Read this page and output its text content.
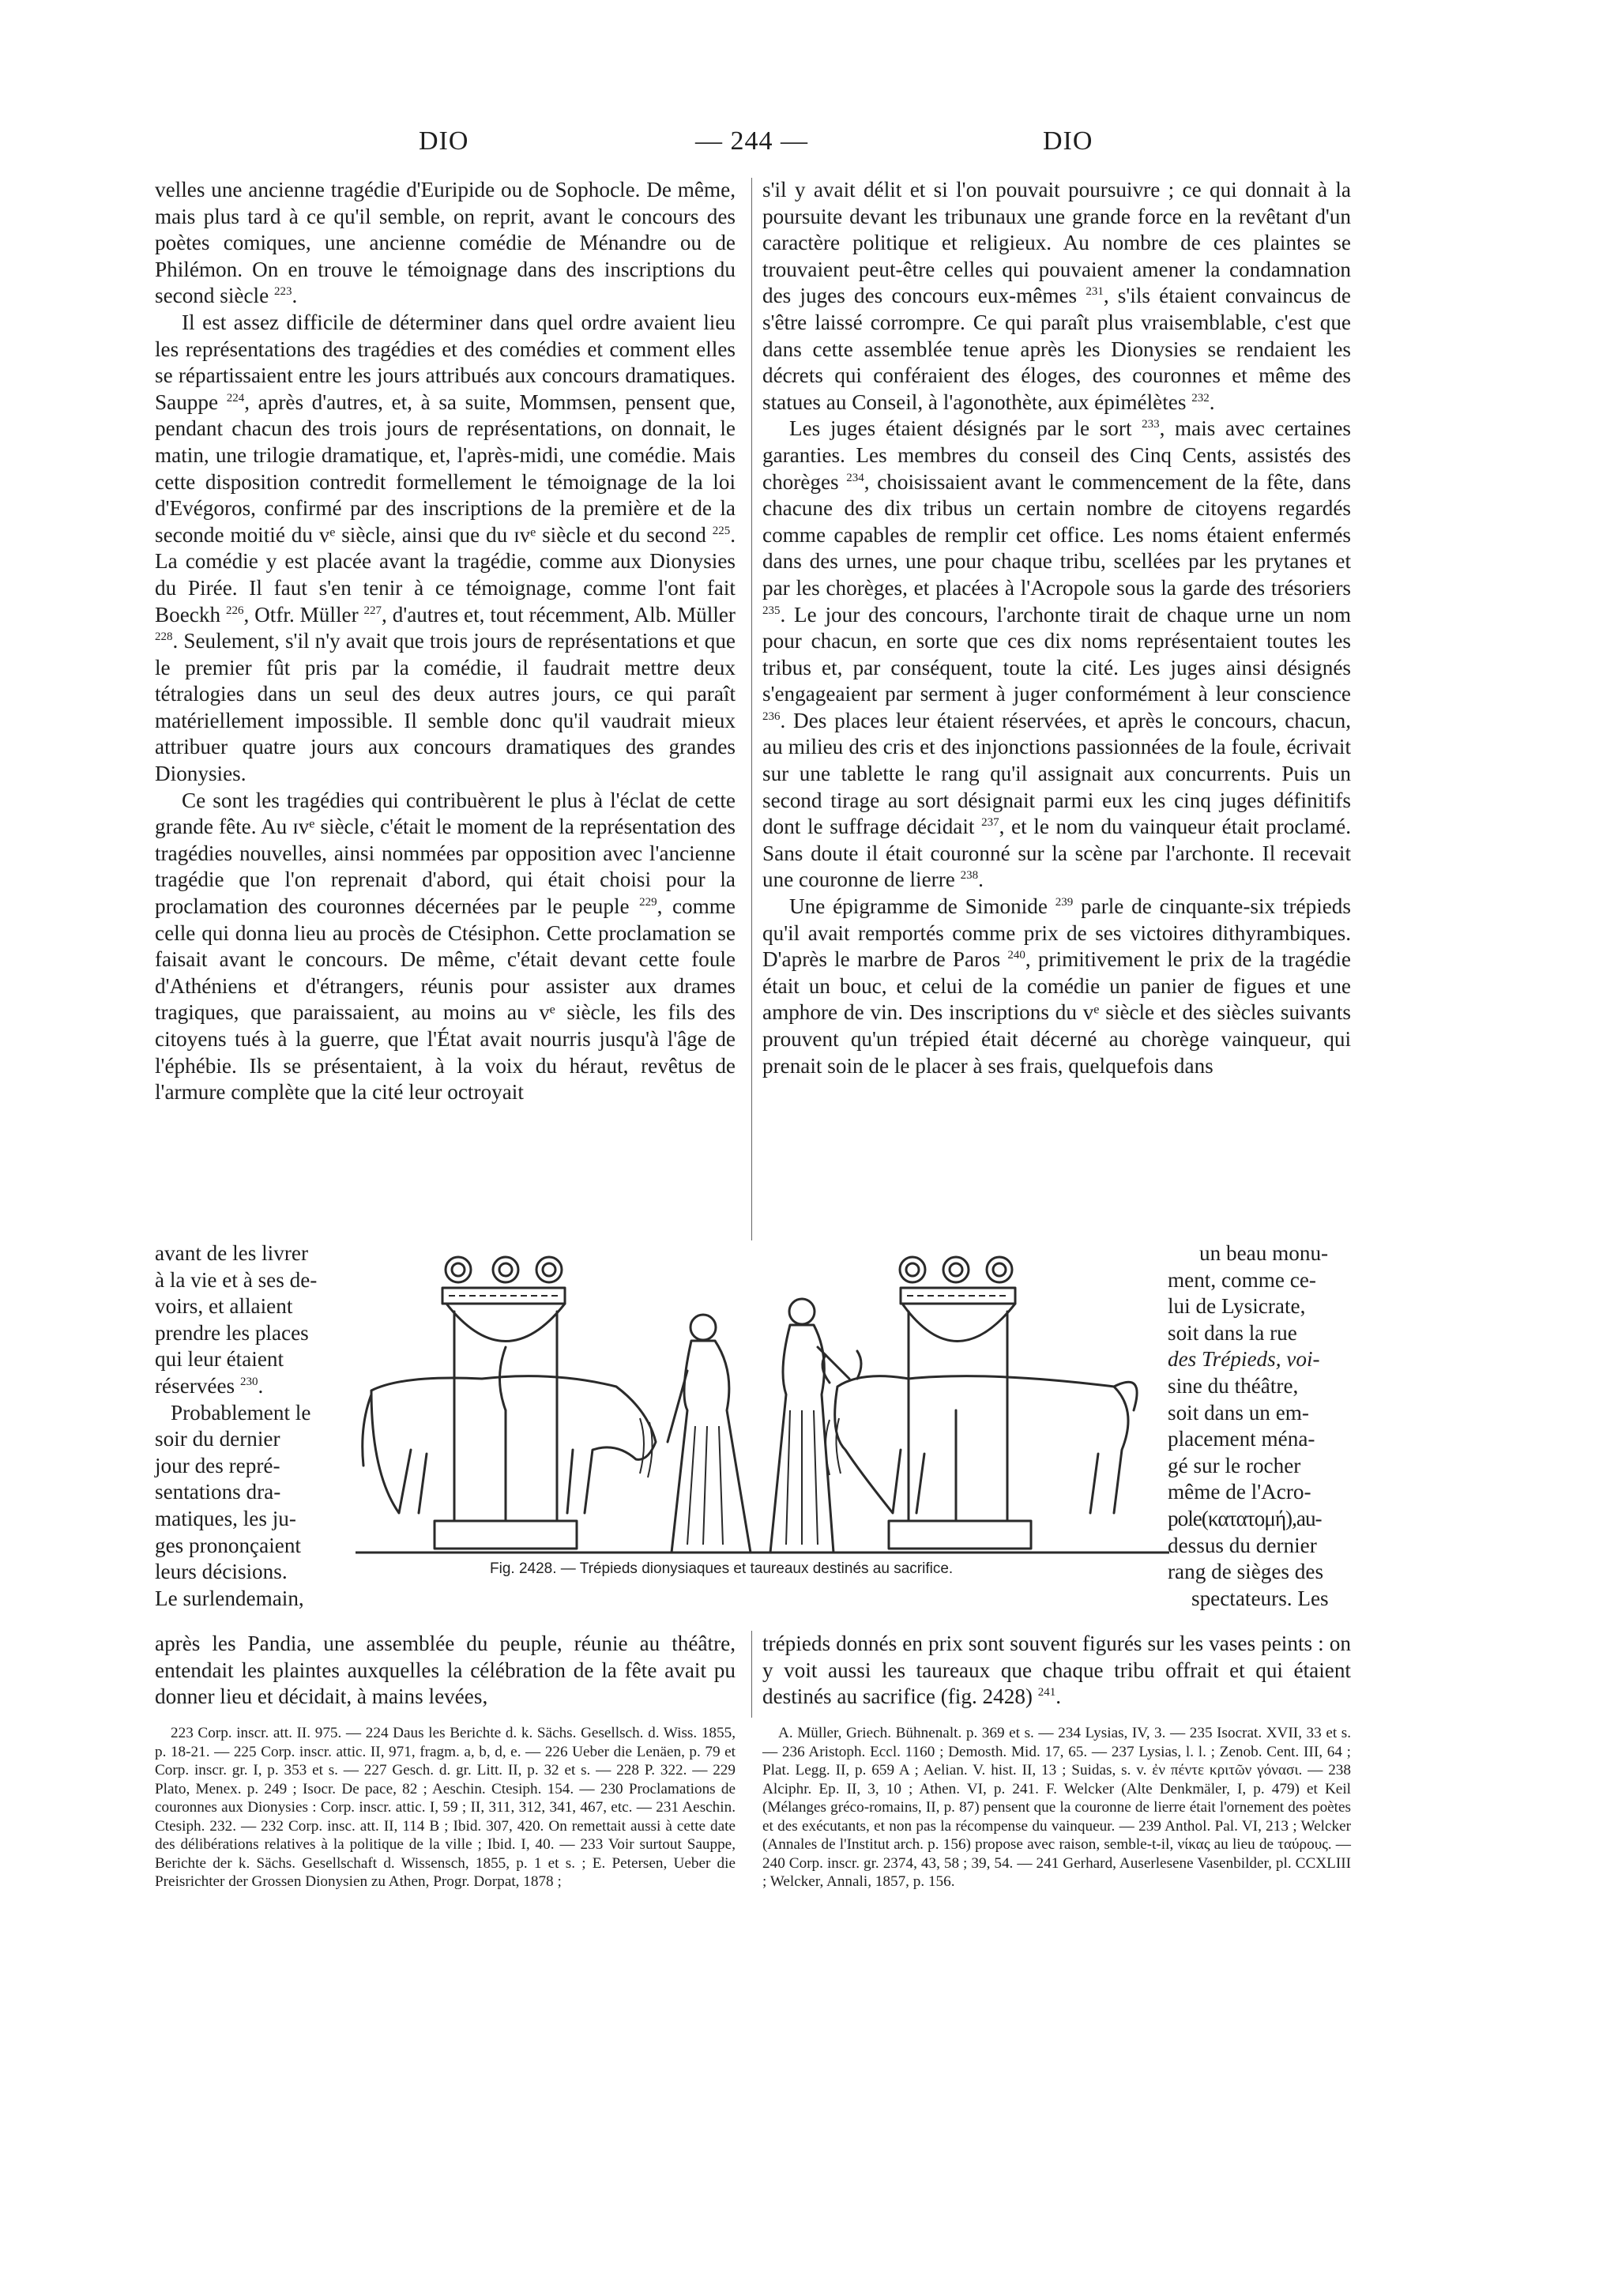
DIO	— 244 —	DIO

velles une ancienne tragédie d'Euripide ou de Sophocle. De même, mais plus tard à ce qu'il semble, on reprit, avant le concours des poètes comiques, une ancienne comédie de Ménandre ou de Philémon. On en trouve le témoignage dans des inscriptions du second siècle $^{223}$.

Il est assez difficile de déterminer dans quel ordre avaient lieu les représentations des tragédies et des comédies et comment elles se répartissaient entre les jours attribués aux concours dramatiques. Sauppe $^{224}$, après d'autres, et, à sa suite, Mommsen, pensent que, pendant chacun des trois jours de représentations, on donnait, le matin, une trilogie dramatique, et, l'après-midi, une comédie. Mais cette disposition contredit formellement le témoignage de la loi d'Evégoros, confirmé par des inscriptions de la première et de la seconde moitié du vᵉ siècle, ainsi que du ɪvᵉ siècle et du second $^{225}$. La comédie y est placée avant la tragédie, comme aux Dionysies du Pirée. Il faut s'en tenir à ce témoignage, comme l'ont fait Boeckh $^{226}$, Otfr. Müller $^{227}$, d'autres et, tout récemment, Alb. Müller $^{228}$. Seulement, s'il n'y avait que trois jours de représentations et que le premier fût pris par la comédie, il faudrait mettre deux tétralogies dans un seul des deux autres jours, ce qui paraît matériellement impossible. Il semble donc qu'il vaudrait mieux attribuer quatre jours aux concours dramatiques des grandes Dionysies.

Ce sont les tragédies qui contribuèrent le plus à l'éclat de cette grande fête. Au ɪvᵉ siècle, c'était le moment de la représentation des tragédies nouvelles, ainsi nommées par opposition avec l'ancienne tragédie que l'on reprenait d'abord, qui était choisi pour la proclamation des couronnes décernées par le peuple $^{229}$, comme celle qui donna lieu au procès de Ctésiphon. Cette proclamation se faisait avant le concours. De même, c'était devant cette foule d'Athéniens et d'étrangers, réunis pour assister aux drames tragiques, que paraissaient, au moins au vᵉ siècle, les fils des citoyens tués à la guerre, que l'État avait nourris jusqu'à l'âge de l'éphébie. Ils se présentaient, à la voix du héraut, revêtus de l'armure complète que la cité leur octroyait

avant de les livrer

à la vie et à ses de-

voirs, et allaient

prendre les places

qui leur étaient

réservées $^{230}$.

Probablement le

soir du dernier

jour des repré-

sentations dra-

matiques, les ju-

ges prononçaient

leurs décisions.

Le surlendemain,

après les Pandia, une assemblée du peuple, réunie au théâtre, entendait les plaintes auxquelles la célébration de la fête avait pu donner lieu et décidait, à mains levées,

s'il y avait délit et si l'on pouvait poursuivre ; ce qui donnait à la poursuite devant les tribunaux une grande force en la revêtant d'un caractère politique et religieux. Au nombre de ces plaintes se trouvaient peut-être celles qui pouvaient amener la condamnation des juges des concours eux-mêmes $^{231}$, s'ils étaient convaincus de s'être laissé corrompre. Ce qui paraît plus vraisemblable, c'est que dans cette assemblée tenue après les Dionysies se rendaient les décrets qui conféraient des éloges, des couronnes et même des statues au Conseil, à l'agonothète, aux épimélètes $^{232}$.

Les juges étaient désignés par le sort $^{233}$, mais avec certaines garanties. Les membres du conseil des Cinq Cents, assistés des chorèges $^{234}$, choisissaient avant le commencement de la fête, dans chacune des dix tribus un certain nombre de citoyens regardés comme capables de remplir cet office. Les noms étaient enfermés dans des urnes, une pour chaque tribu, scellées par les prytanes et par les chorèges, et placées à l'Acropole sous la garde des trésoriers $^{235}$. Le jour des concours, l'archonte tirait de chaque urne un nom pour chacun, en sorte que ces dix noms représentaient toutes les tribus et, par conséquent, toute la cité. Les juges ainsi désignés s'engageaient par serment à juger conformément à leur conscience $^{236}$. Des places leur étaient réservées, et après le concours, chacun, au milieu des cris et des injonctions passionnées de la foule, écrivait sur une tablette le rang qu'il assignait aux concurrents. Puis un second tirage au sort désignait parmi eux les cinq juges définitifs dont le suffrage décidait $^{237}$, et le nom du vainqueur était proclamé. Sans doute il était couronné sur la scène par l'archonte. Il recevait une couronne de lierre $^{238}$.

Une épigramme de Simonide $^{239}$ parle de cinquante-six trépieds qu'il avait remportés comme prix de ses victoires dithyrambiques. D'après le marbre de Paros $^{240}$, primitivement le prix de la tragédie était un bouc, et celui de la comédie un panier de figues et une amphore de vin. Des inscriptions du vᵉ siècle et des siècles suivants prouvent qu'un trépied était décerné au chorège vainqueur, qui prenait soin de le placer à ses frais, quelquefois dans

un beau monu-

ment, comme ce-

lui de Lysicrate,

soit dans la rue

des Trépieds, voi-

sine du théâtre,

soit dans un em-

placement ména-

gé sur le rocher

même de l'Acro-

pole(κατατομή),au-

dessus du dernier

rang de sièges des

spectateurs. Les

trépieds donnés en prix sont souvent figurés sur les vases peints : on y voit aussi les taureaux que chaque tribu offrait et qui étaient destinés au sacrifice (fig. 2428) $^{241}$.

Fig. 2428. — Trépieds dionysiaques et taureaux destinés au sacrifice.

223 Corp. inscr. att. II. 975. — 224 Daus les Berichte d. k. Sächs. Gesellsch. d. Wiss. 1855, p. 18-21. — 225 Corp. inscr. attic. II, 971, fragm. a, b, d, e. — 226 Ueber die Lenäen, p. 79 et Corp. inscr. gr. I, p. 353 et s. — 227 Gesch. d. gr. Litt. II, p. 32 et s. — 228 P. 322. — 229 Plato, Menex. p. 249 ; Isocr. De pace, 82 ; Aeschin. Ctesiph. 154. — 230 Proclamations de couronnes aux Dionysies : Corp. inscr. attic. I, 59 ; II, 311, 312, 341, 467, etc. — 231 Aeschin. Ctesiph. 232. — 232 Corp. insc. att. II, 114 B ; Ibid. 307, 420. On remettait aussi à cette date des délibérations relatives à la politique de la ville ; Ibid. I, 40. — 233 Voir surtout Sauppe, Berichte der k. Sächs. Gesellschaft d. Wissensch, 1855, p. 1 et s. ; E. Petersen, Ueber die Preisrichter der Grossen Dionysien zu Athen, Progr. Dorpat, 1878 ;

A. Müller, Griech. Bühnenalt. p. 369 et s. — 234 Lysias, IV, 3. — 235 Isocrat. XVII, 33 et s. — 236 Aristoph. Eccl. 1160 ; Demosth. Mid. 17, 65. — 237 Lysias, l. l. ; Zenob. Cent. III, 64 ; Plat. Legg. II, p. 659 A ; Aelian. V. hist. II, 13 ; Suidas, s. v. ἐν πέντε κριτῶν γόνασι. — 238 Alciphr. Ep. II, 3, 10 ; Athen. VI, p. 241. F. Welcker (Alte Denkmäler, I, p. 479) et Keil (Mélanges gréco-romains, II, p. 87) pensent que la couronne de lierre était l'ornement des poètes et des exécutants, et non pas la récompense du vainqueur. — 239 Anthol. Pal. VI, 213 ; Welcker (Annales de l'Institut arch. p. 156) propose avec raison, semble-t-il, νίκας au lieu de ταύρους. — 240 Corp. inscr. gr. 2374, 43, 58 ; 39, 54. — 241 Gerhard, Auserlesene Vasenbilder, pl. CCXLIII ; Welcker, Annali, 1857, p. 156.
